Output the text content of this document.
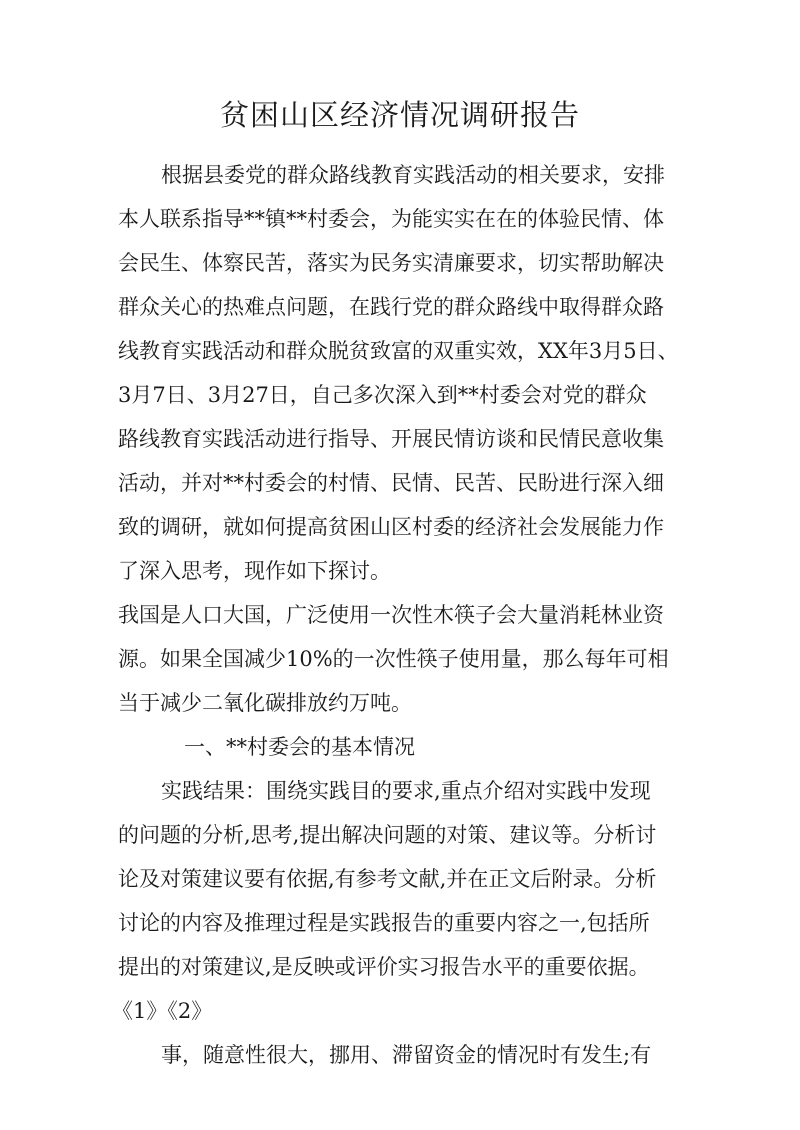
贫困山区经济情况调研报告
根据县委党的群众路线教育实践活动的相关要求，安排
本人联系指导**镇**村委会，为能实实在在的体验民情、体
会民生、体察民苦，落实为民务实清廉要求，切实帮助解决
群众关心的热难点问题，在践行党的群众路线中取得群众路
线教育实践活动和群众脱贫致富的双重实效，XX年3月5日、
3月7日、3月27日，自己多次深入到**村委会对党的群众
路线教育实践活动进行指导、开展民情访谈和民情民意收集
活动，并对**村委会的村情、民情、民苦、民盼进行深入细
致的调研，就如何提高贫困山区村委的经济社会发展能力作
了深入思考，现作如下探讨。
我国是人口大国，广泛使用一次性木筷子会大量消耗林业资
源。如果全国减少10%的一次性筷子使用量，那么每年可相
当于减少二氧化碳排放约万吨。
一、**村委会的基本情况
实践结果：围绕实践目的要求,重点介绍对实践中发现
的问题的分析,思考,提出解决问题的对策、建议等。分析讨
论及对策建议要有依据,有参考文献,并在正文后附录。分析
讨论的内容及推理过程是实践报告的重要内容之一,包括所
提出的对策建议,是反映或评价实习报告水平的重要依据。
《1》《2》
事，随意性很大，挪用、滞留资金的情况时有发生;有
